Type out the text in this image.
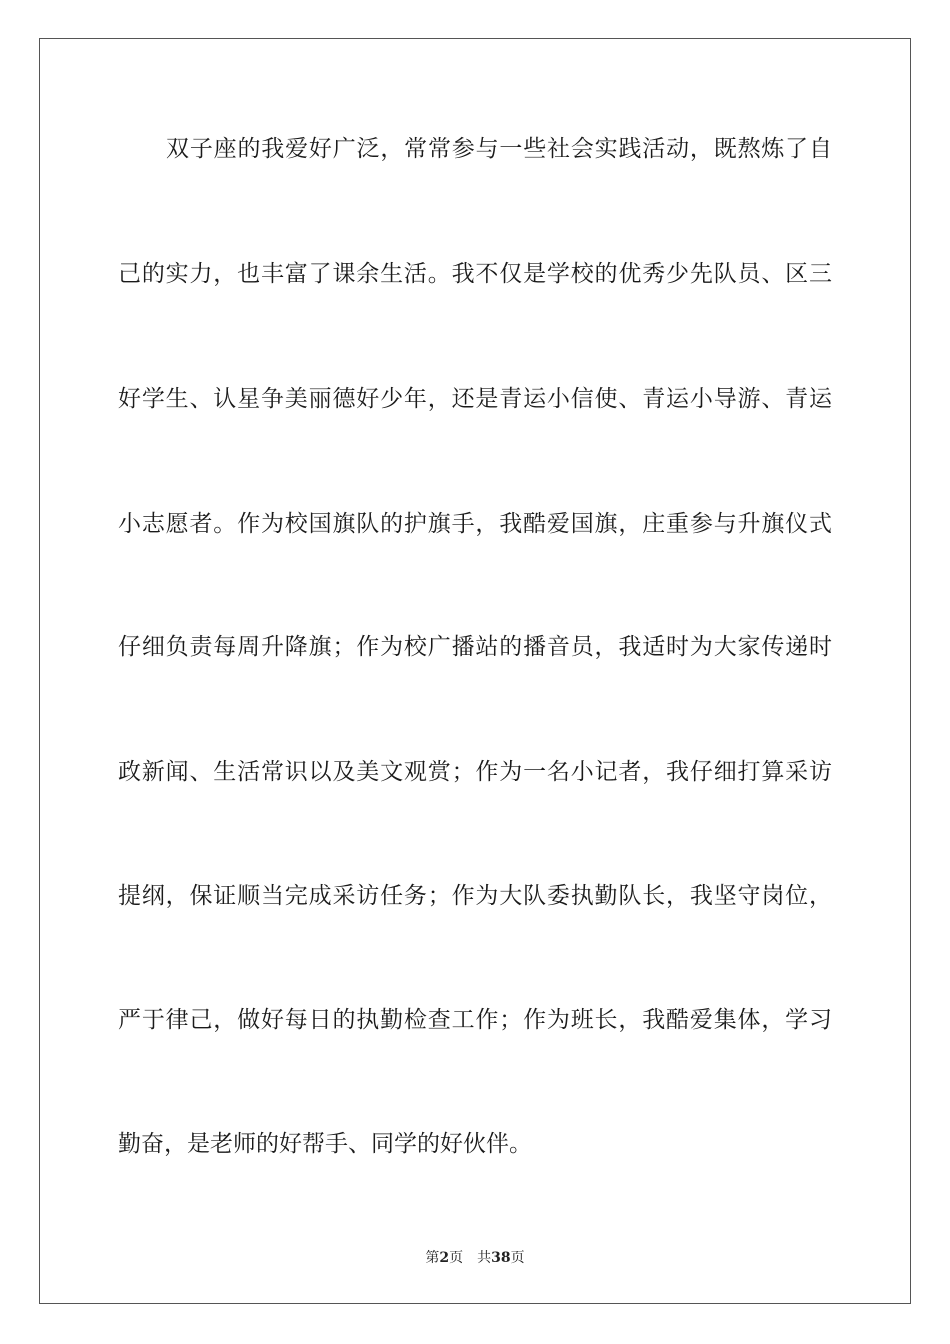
双子座的我爱好广泛，常常参与一些社会实践活动，既熬炼了自
己的实力，也丰富了课余生活。我不仅是学校的优秀少先队员、区三
好学生、认星争美丽德好少年，还是青运小信使、青运小导游、青运
小志愿者。作为校国旗队的护旗手，我酷爱国旗，庄重参与升旗仪式
仔细负责每周升降旗；作为校广播站的播音员，我适时为大家传递时
政新闻、生活常识以及美文观赏；作为一名小记者，我仔细打算采访
提纲，保证顺当完成采访任务；作为大队委执勤队长，我坚守岗位，
严于律己，做好每日的执勤检查工作；作为班长，我酷爱集体，学习
勤奋，是老师的好帮手、同学的好伙伴。
第2页 共38页
